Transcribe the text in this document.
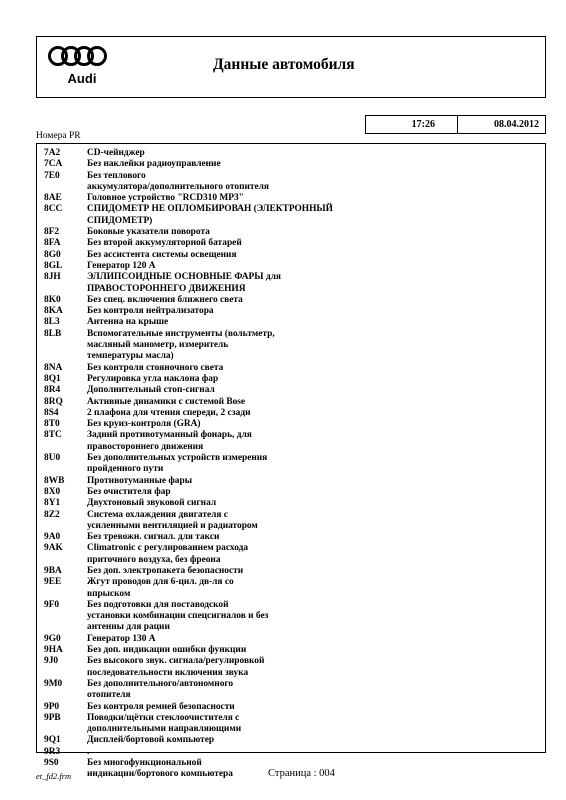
Audi
Данные автомобиля
17:26	08.04.2012
Номера PR
7A2	CD-чейнджер
7CA	Без наклейки радиоуправление
7E0	Без теплового
аккумулятора/дополнительного отопителя
8AE	Головное устройство "RCD310 MP3"
8CC	СПИДОМЕТР НЕ ОПЛОМБИРОВАН (ЭЛЕКТРОННЫЙ
СПИДОМЕТР)
8F2	Боковые указатели поворота
8FA	Без второй аккумуляторной батарей
8G0	Без ассистента системы освещения
8GL	Генератор 120 А
8JH	ЭЛЛИПСОИДНЫЕ ОСНОВНЫЕ ФАРЫ для
ПРАВОСТОРОННЕГО ДВИЖЕНИЯ
8K0	Без спец. включения ближнего света
8KA	Без контроля нейтрализатора
8L3	Антенна на крыше
8LB	Вспомогательные инструменты (вольтметр,
масляный манометр, измеритель
температуры масла)
8NA	Без контроля стояночного света
8Q1	Регулировка угла наклона фар
8R4	Дополнительный стоп-сигнал
8RQ	Активные динамики с системой Bose
8S4	2 плафона для чтения спереди, 2 сзади
8T0	Без круиз-контроля (GRA)
8TC	Задний противотуманный фонарь, для
правостороннего движения
8U0	Без дополнительных устройств измерения
пройденного пути
8WB	Противотуманные фары
8X0	Без очистителя фар
8Y1	Двухтоновый звуковой сигнал
8Z2	Система охлаждения двигателя с
усиленными вентиляцией и радиатором
9A0	Без тревожн. сигнал. для такси
9AK	Climatronic с регулированием расхода
приточного воздуха, без фреона
9BA	Без доп. электропакета безопасности
9EE	Жгут проводов для 6-цил. дв-ля со
впрыском
9F0	Без подготовки для поставодской
установки комбинации спецсигналов и без
антенны для рации
9G0	Генератор 130 А
9HA	Без доп. индикации ошибки функции
9J0	Без высокого звук. сигнала/регулировкой
последовательности включения звука
9M0	Без дополнительного/автономного
отопителя
9P0	Без контроля ремней безопасности
9PB	Поводки/щётки стеклоочистителя с
дополнительными направляющими
9Q1	Дисплей/бортовой компьютер
9R3	.
9S0	Без многофункциональной
индикации/бортового компьютера
et_fd2.frm	Страница : 004
